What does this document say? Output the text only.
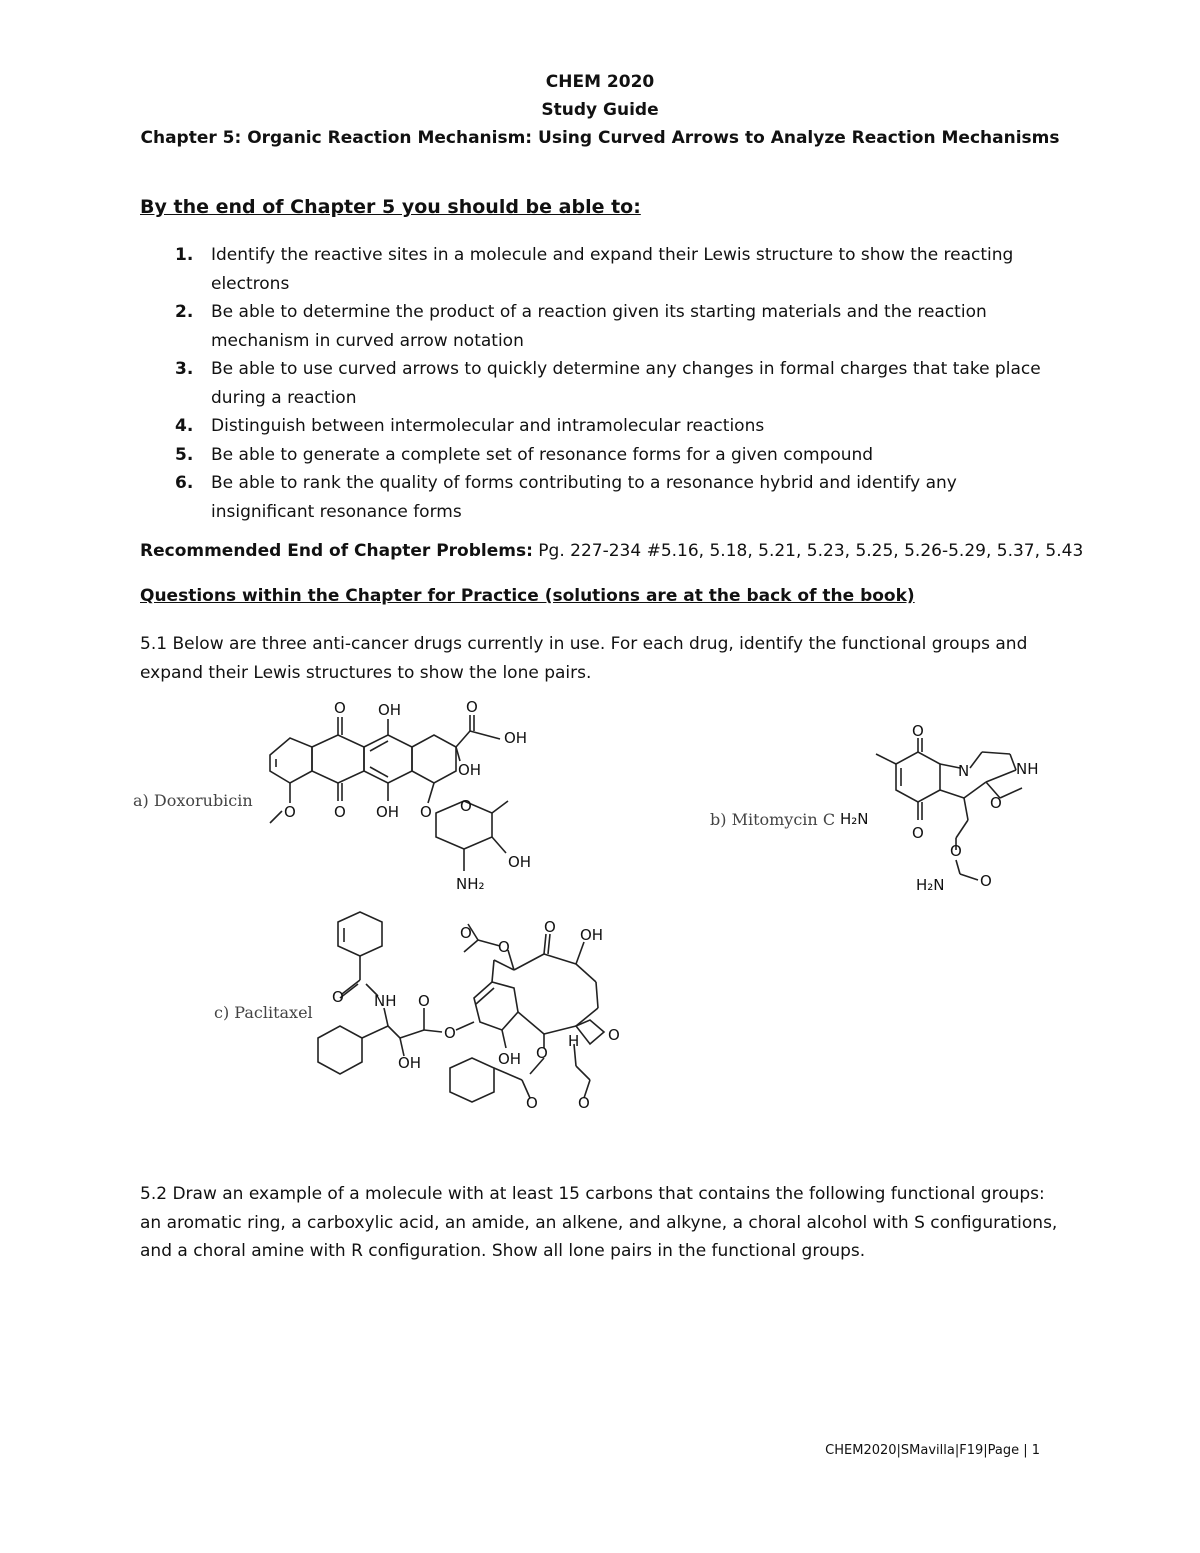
CHEM 2020
Study Guide
Chapter 5: Organic Reaction Mechanism: Using Curved Arrows to Analyze Reaction Mechanisms
By the end of Chapter 5 you should be able to:
1. Identify the reactive sites in a molecule and expand their Lewis structure to show the reacting electrons
2. Be able to determine the product of a reaction given its starting materials and the reaction mechanism in curved arrow notation
3. Be able to use curved arrows to quickly determine any changes in formal charges that take place during a reaction
4. Distinguish between intermolecular and intramolecular reactions
5. Be able to generate a complete set of resonance forms for a given compound
6. Be able to rank the quality of forms contributing to a resonance hybrid and identify any insignificant resonance forms
Recommended End of Chapter Problems: Pg. 227-234 #5.16, 5.18, 5.21, 5.23, 5.25, 5.26-5.29, 5.37, 5.43
Questions within the Chapter for Practice (solutions are at the back of the book)
5.1 Below are three anti-cancer drugs currently in use. For each drug, identify the functional groups and expand their Lewis structures to show the lone pairs.
a) Doxorubicin
O OH	O
OH
OH
O	O OH O O
OH
NH₂
b) Mitomycin C
O
N	NH
O
H₂N
O
O
H₂N O
c) Paclitaxel
O NH O
O
OH
O
O
O OH
OH O
H O
O	O
5.2 Draw an example of a molecule with at least 15 carbons that contains the following functional groups: an aromatic ring, a carboxylic acid, an amide, an alkene, and alkyne, a choral alcohol with S configurations, and a choral amine with R configuration. Show all lone pairs in the functional groups.
CHEM2020|SMavilla|F19|Page | 1
